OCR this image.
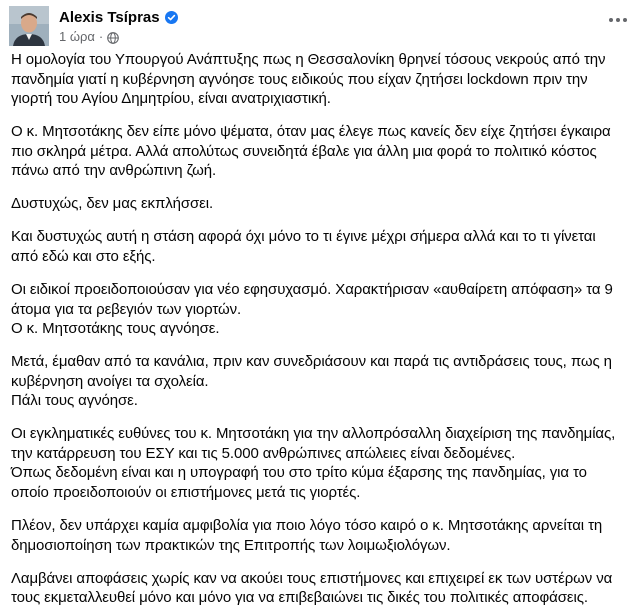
Alexis Tsípras
1 ώρα ·
Η ομολογία του Υπουργού Ανάπτυξης πως η Θεσσαλονίκη θρηνεί τόσους νεκρούς από την
πανδημία γιατί η κυβέρνηση αγνόησε τους ειδικούς που είχαν ζητήσει lockdown πριν την
γιορτή του Αγίου Δημητρίου, είναι ανατριχιαστική.
Ο κ. Μητσοτάκης δεν είπε μόνο ψέματα, όταν μας έλεγε πως κανείς δεν είχε ζητήσει έγκαιρα
πιο σκληρά μέτρα. Αλλά απολύτως συνειδητά έβαλε για άλλη μια φορά το πολιτικό κόστος
πάνω από την ανθρώπινη ζωή.
Δυστυχώς, δεν μας εκπλήσσει.
Και δυστυχώς αυτή η στάση αφορά όχι μόνο το τι έγινε μέχρι σήμερα αλλά και το τι γίνεται
από εδώ και στο εξής.
Οι ειδικοί προειδοποιούσαν για νέο εφησυχασμό. Χαρακτήρισαν «αυθαίρετη απόφαση» τα 9
άτομα για τα ρεβεγιόν των γιορτών.
Ο κ. Μητσοτάκης τους αγνόησε.
Μετά, έμαθαν από τα κανάλια, πριν καν συνεδριάσουν και παρά τις αντιδράσεις τους, πως η
κυβέρνηση ανοίγει τα σχολεία.
Πάλι τους αγνόησε.
Οι εγκληματικές ευθύνες του κ. Μητσοτάκη για την αλλοπρόσαλλη διαχείριση της πανδημίας,
την κατάρρευση του ΕΣΥ και τις 5.000 ανθρώπινες απώλειες είναι δεδομένες.
Όπως δεδομένη είναι και η υπογραφή του στο τρίτο κύμα έξαρσης της πανδημίας, για το
οποίο προειδοποιούν οι επιστήμονες μετά τις γιορτές.
Πλέον, δεν υπάρχει καμία αμφιβολία για ποιο λόγο τόσο καιρό ο κ. Μητσοτάκης αρνείται τη
δημοσιοποίηση των πρακτικών της Επιτροπής των λοιμωξιολόγων.
Λαμβάνει αποφάσεις χωρίς καν να ακούει τους επιστήμονες και επιχειρεί εκ των υστέρων να
τους εκμεταλλευθεί μόνο και μόνο για να επιβεβαιώνει τις δικές του πολιτικές αποφάσεις.
